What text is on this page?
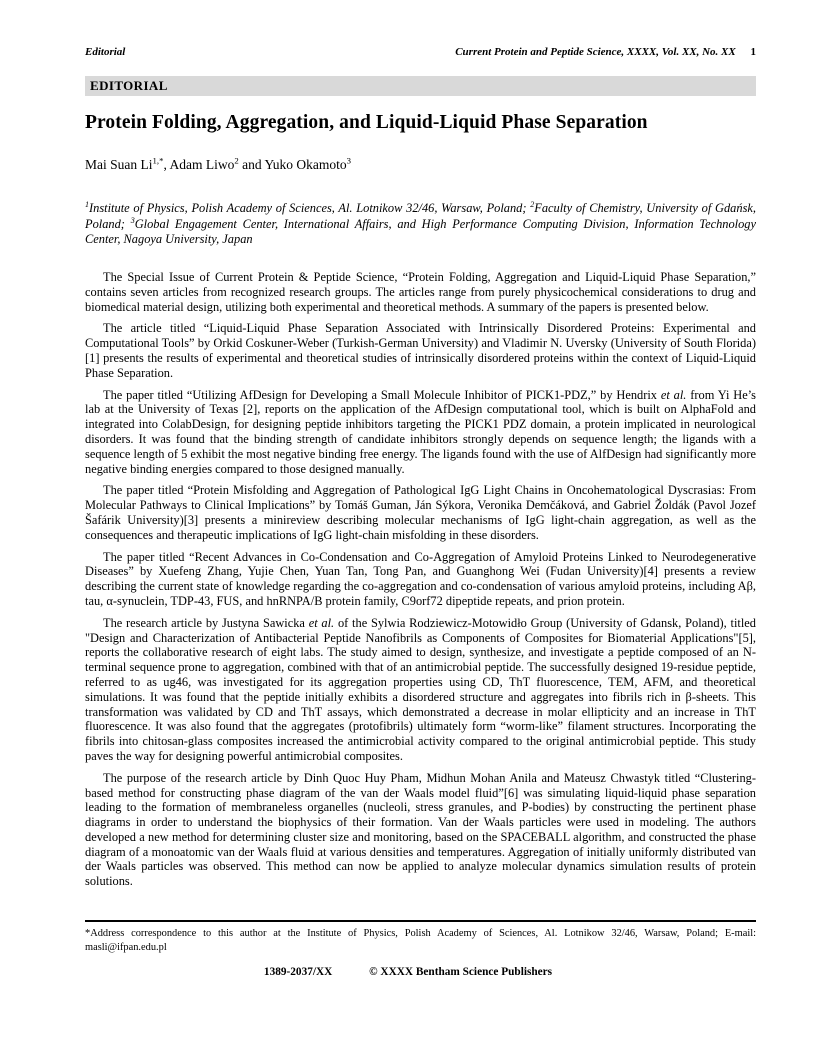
Editorial	Current Protein and Peptide Science, XXXX, Vol. XX, No. XX 1
EDITORIAL
Protein Folding, Aggregation, and Liquid-Liquid Phase Separation
Mai Suan $Li^{1,*}$, Adam Liwo$^2$ and Yuko Okamoto$^3$
$^1$Institute of Physics, Polish Academy of Sciences, Al. Lotnikow 32/46, Warsaw, Poland; $^2$Faculty of Chemistry, University of Gdańsk, Poland; $^3$Global Engagement Center, International Affairs, and High Performance Computing Division, Information Technology Center, Nagoya University, Japan

The Special Issue of Current Protein & Peptide Science, “Protein Folding, Aggregation and Liquid-Liquid Phase Separation,” contains seven articles from recognized research groups. The articles range from purely physicochemical considerations to drug and biomedical material design, utilizing both experimental and theoretical methods. A summary of the papers is presented below.

The article titled “Liquid-Liquid Phase Separation Associated with Intrinsically Disordered Proteins: Experimental and Computational Tools” by Orkid Coskuner-Weber (Turkish-German University) and Vladimir N. Uversky (University of South Florida)[1] presents the results of experimental and theoretical studies of intrinsically disordered proteins within the context of Liquid-Liquid Phase Separation.

The paper titled “Utilizing AfDesign for Developing a Small Molecule Inhibitor of PICK1-PDZ,” by Hendrix et al. from Yi He’s lab at the University of Texas [2], reports on the application of the AfDesign computational tool, which is built on AlphaFold and integrated into ColabDesign, for designing peptide inhibitors targeting the PICK1 PDZ domain, a protein implicated in neurological disorders. It was found that the binding strength of candidate inhibitors strongly depends on sequence length; the ligands with a sequence length of 5 exhibit the most negative binding free energy. The ligands found with the use of AlfDesign had significantly more negative binding energies compared to those designed manually.

The paper titled “Protein Misfolding and Aggregation of Pathological IgG Light Chains in Oncohematological Dyscrasias: From Molecular Pathways to Clinical Implications” by Tomáš Guman, Ján Sýkora, Veronika Demčáková, and Gabriel Žoldák (Pavol Jozef Šafárik University)[3] presents a minireview describing molecular mechanisms of IgG light-chain aggregation, as well as the consequences and therapeutic implications of IgG light-chain misfolding in these disorders.

The paper titled “Recent Advances in Co-Condensation and Co-Aggregation of Amyloid Proteins Linked to Neurodegenerative Diseases” by Xuefeng Zhang, Yujie Chen, Yuan Tan, Tong Pan, and Guanghong Wei (Fudan University)[4] presents a review describing the current state of knowledge regarding the co-aggregation and co-condensation of various amyloid proteins, including Aβ, tau, α-synuclein, TDP-43, FUS, and hnRNPA/B protein family, C9orf72 dipeptide repeats, and prion protein.

The research article by Justyna Sawicka et al. of the Sylwia Rodziewicz-Motowidło Group (University of Gdansk, Poland), titled "Design and Characterization of Antibacterial Peptide Nanofibrils as Components of Composites for Biomaterial Applications"[5], reports the collaborative research of eight labs. The study aimed to design, synthesize, and investigate a peptide composed of an N-terminal sequence prone to aggregation, combined with that of an antimicrobial peptide. The successfully designed 19-residue peptide, referred to as ug46, was investigated for its aggregation properties using CD, ThT fluorescence, TEM, AFM, and theoretical simulations. It was found that the peptide initially exhibits a disordered structure and aggregates into fibrils rich in β-sheets. This transformation was validated by CD and ThT assays, which demonstrated a decrease in molar ellipticity and an increase in ThT fluorescence. It was also found that the aggregates (protofibrils) ultimately form “worm-like” filament structures. Incorporating the fibrils into chitosan-glass composites increased the antimicrobial activity compared to the original antimicrobial peptide. This study paves the way for designing powerful antimicrobial composites.

The purpose of the research article by Dinh Quoc Huy Pham, Midhun Mohan Anila and Mateusz Chwastyk titled “Clustering-based method for constructing phase diagram of the van der Waals model fluid”[6] was simulating liquid-liquid phase separation leading to the formation of membraneless organelles (nucleoli, stress granules, and P-bodies) by constructing the pertinent phase diagrams in order to understand the biophysics of their formation. Van der Waals particles were used in modeling. The authors developed a new method for determining cluster size and monitoring, based on the SPACEBALL algorithm, and constructed the phase diagram of a monoatomic van der Waals fluid at various densities and temperatures. Aggregation of initially uniformly distributed van der Waals particles was observed. This method can now be applied to analyze molecular dynamics simulation results of protein solutions.

*Address correspondence to this author at the Institute of Physics, Polish Academy of Sciences, Al. Lotnikow 32/46, Warsaw, Poland; E-mail: masli@ifpan.edu.pl
1389-2037/XX	© XXXX Bentham Science Publishers
